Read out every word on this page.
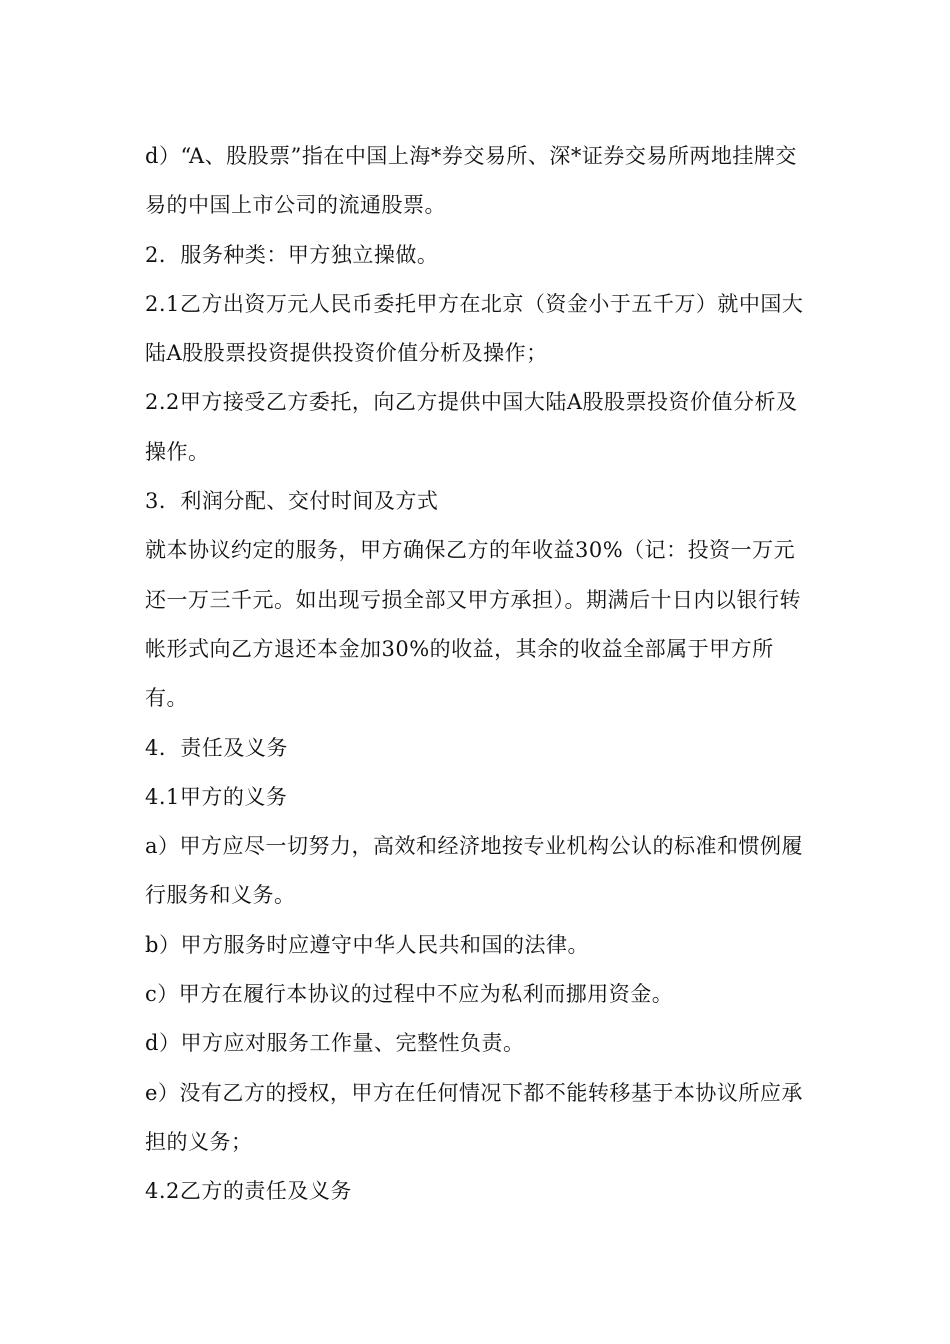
d）“A、股股票”指在中国上海*券交易所、深*证券交易所两地挂牌交易的中国上市公司的流通股票。

2．服务种类：甲方独立操做。

2.1乙方出资万元人民币委托甲方在北京（资金小于五千万）就中国大陆A股股票投资提供投资价值分析及操作；

2.2甲方接受乙方委托，向乙方提供中国大陆A股股票投资价值分析及操作。

3．利润分配、交付时间及方式

就本协议约定的服务，甲方确保乙方的年收益30%（记：投资一万元还一万三千元。如出现亏损全部又甲方承担）。期满后十日内以银行转帐形式向乙方退还本金加30%的收益，其余的收益全部属于甲方所有。

4．责任及义务

4.1甲方的义务

a）甲方应尽一切努力，高效和经济地按专业机构公认的标准和惯例履行服务和义务。

b）甲方服务时应遵守中华人民共和国的法律。

c）甲方在履行本协议的过程中不应为私利而挪用资金。

d）甲方应对服务工作量、完整性负责。

e）没有乙方的授权，甲方在任何情况下都不能转移基于本协议所应承担的义务；

4.2乙方的责任及义务
